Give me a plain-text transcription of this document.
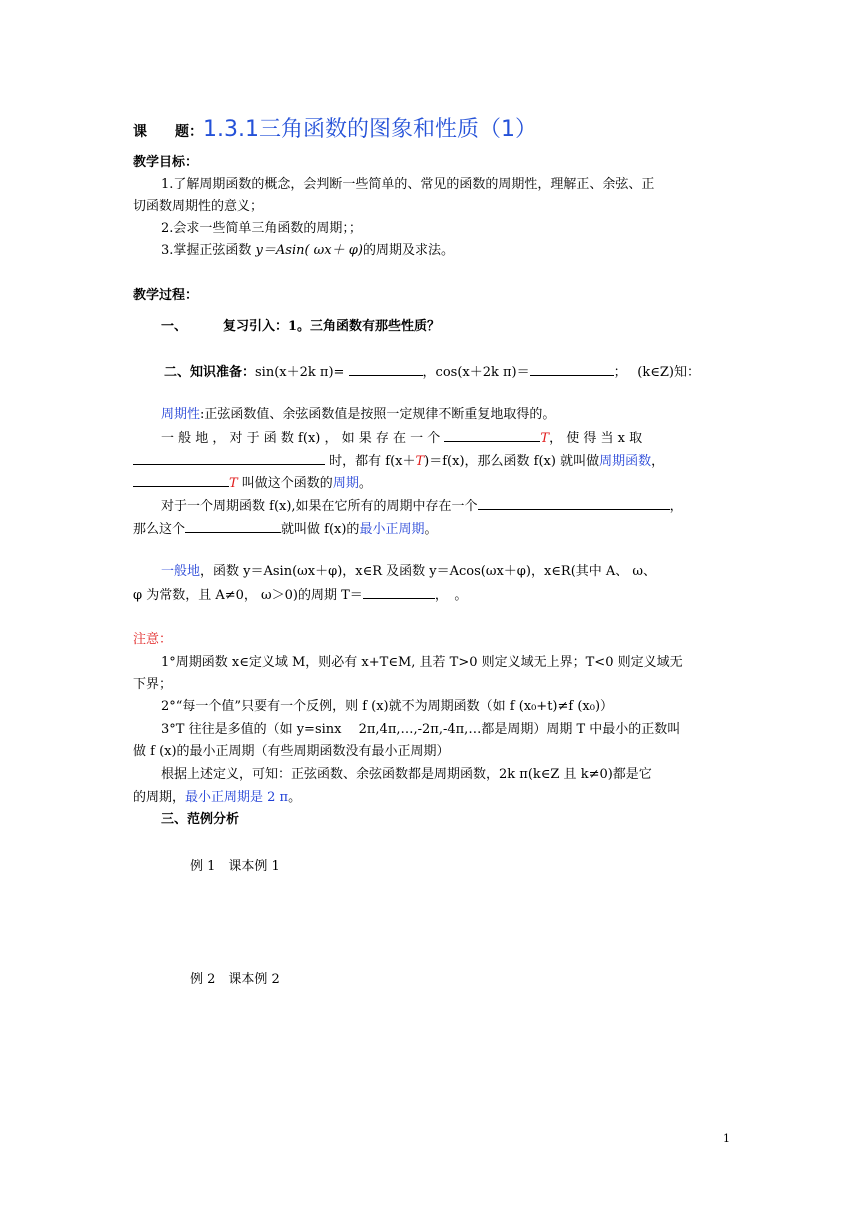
课　　题：1.3.1三角函数的图象和性质（1）
教学目标：
1.了解周期函数的概念，会判断一些简单的、常见的函数的周期性，理解正、余弦、正
切函数周期性的意义；
2.会求一些简单三角函数的周期；；
3.掌握正弦函数 y＝Asin( ωx＋ φ)的周期及求法。
教学过程：
一、	复习引入：1。三角函数有那些性质？
二、知识准备：sin(x＋2k π)=	，cos(x＋2k π)＝	；　 (k∈Z)知：
周期性:正弦函数值、余弦函数值是按照一定规律不断重复地取得的。
一 般 地 ， 对 于 函 数 f(x) ， 如 果 存 在 一 个	T， 使 得 当 x 取
时，都有 f(x＋T)＝f(x)，那么函数 f(x) 就叫做周期函数，
T 叫做这个函数的周期。
对于一个周期函数 f(x),如果在它所有的周期中存在一个	，
那么这个	就叫做 f(x)的最小正周期。
一般地，函数 y＝Asin(ωx＋φ)，x∈R 及函数 y＝Acos(ωx＋φ)，x∈R(其中 A、 ω、
φ 为常数，且 A≠0， ω＞0)的周期 T＝	，　。
注意：
1°周期函数 x∈定义域 M，则必有 x+T∈M, 且若 T>0 则定义域无上界；T<0 则定义域无
下界；
2°“每一个值”只要有一个反例，则 f (x)就不为周期函数（如 f (x₀+t)≠f (x₀)）
3°T 往往是多值的（如 y=sinx　 2π,4π,…,-2π,-4π,…都是周期）周期 T 中最小的正数叫
做 f (x)的最小正周期（有些周期函数没有最小正周期）
根据上述定义，可知：正弦函数、余弦函数都是周期函数，2k π(k∈Z 且 k≠0)都是它
的周期，最小正周期是 2 π。
三、范例分析
例 1　课本例 1
例 2　课本例 2
1
